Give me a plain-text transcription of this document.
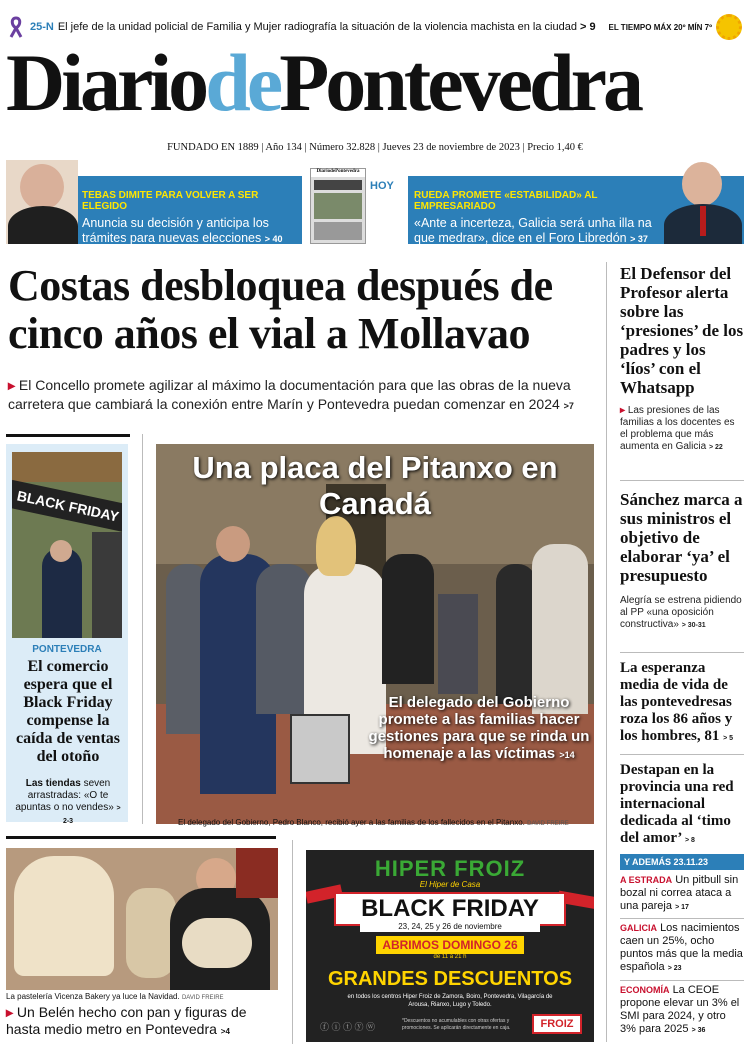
25-N El jefe de la unidad policial de Familia y Mujer radiografía la situación de la violencia machista en la ciudad
> 9 EL TIEMPO MÁX 20º MÍN 7º
DiariodePontevedra
FUNDADO EN 1889 | Año 134 | Número 32.828 | Jueves 23 de noviembre de 2023 | Precio 1,40 €
TEBAS DIMITE PARA VOLVER A SER ELEGIDO

Anuncia su decisión y anticipa los trámites para nuevas elecciones > 40

DiariodePontevedra
HOY
RUEDA PROMETE «ESTABILIDAD» AL EMPRESARIADO

«Ante a incerteza, Galicia será unha illa na que medrar», dice en el Foro Libredón > 37

Costas desbloquea después de cinco años el vial a Mollavao
▸ El Concello promete agilizar al máximo la documentación para que las obras de la nueva carretera que cambiará la conexión entre Marín y Pontevedra puedan comenzar en 2024 >7
El Defensor del Profesor alerta sobre las ‘presiones’ de los padres y los ‘líos’ con el Whatsapp
▸ Las presiones de las familias a los docentes es el problema que más aumenta en Galicia > 22
Sánchez marca a sus ministros el objetivo de elaborar ‘ya’ el presupuesto
Alegría se estrena pidiendo al PP «una oposición constructiva» > 30-31
La esperanza media de vida de las pontevedresas roza los 86 años y los hombres, 81 > 5
Destapan en la provincia una red internacional dedicada al ‘timo del amor’ > 8
Y ADEMÁS 23.11.23
A ESTRADA Un pitbull sin bozal ni correa ataca a una pareja > 17
GALICIA Los nacimientos caen un 25%, ocho puntos más que la media española > 23
ECONOMÍA La CEOE propone elevar un 3% el SMI para 2024, y otro 3% para 2025 > 36
BLACK FRIDAY
PONTEVEDRA
El comercio espera que el Black Friday compense la caída de ventas del otoño
Las tiendas seven arrastradas: «O te apuntas o no vendes» > 2-3
Una placa del Pitanxo en Canadá
El delegado del Gobierno promete a las familias hacer gestiones para que se rinda un homenaje a las víctimas >14
El delegado del Gobierno, Pedro Blanco, recibió ayer a las familias de los fallecidos en el Pitanxo. DAVID FREIRE
La pastelería Vicenza Bakery ya luce la Navidad. DAVID FREIRE
▸ Un Belén hecho con pan y figuras de hasta medio metro en Pontevedra >4
HIPER FROIZ
El Hiper de Casa
BLACK FRIDAY
23, 24, 25 y 26 de noviembre
ABRIMOS DOMINGO 26
de 11 a 21 h
GRANDES DESCUENTOS
en todos los centros Hiper Froiz de Zamora, Boiro, Pontevedra, Vilagarcía de Arousa, Rianxo, Lugo y Toledo.
ⓕ ⓘ ⓣ ⓨ ⓦ
*Descuentos no acumulables con otras ofertas y promociones. Se aplicarán directamente en caja.	FROIZ
